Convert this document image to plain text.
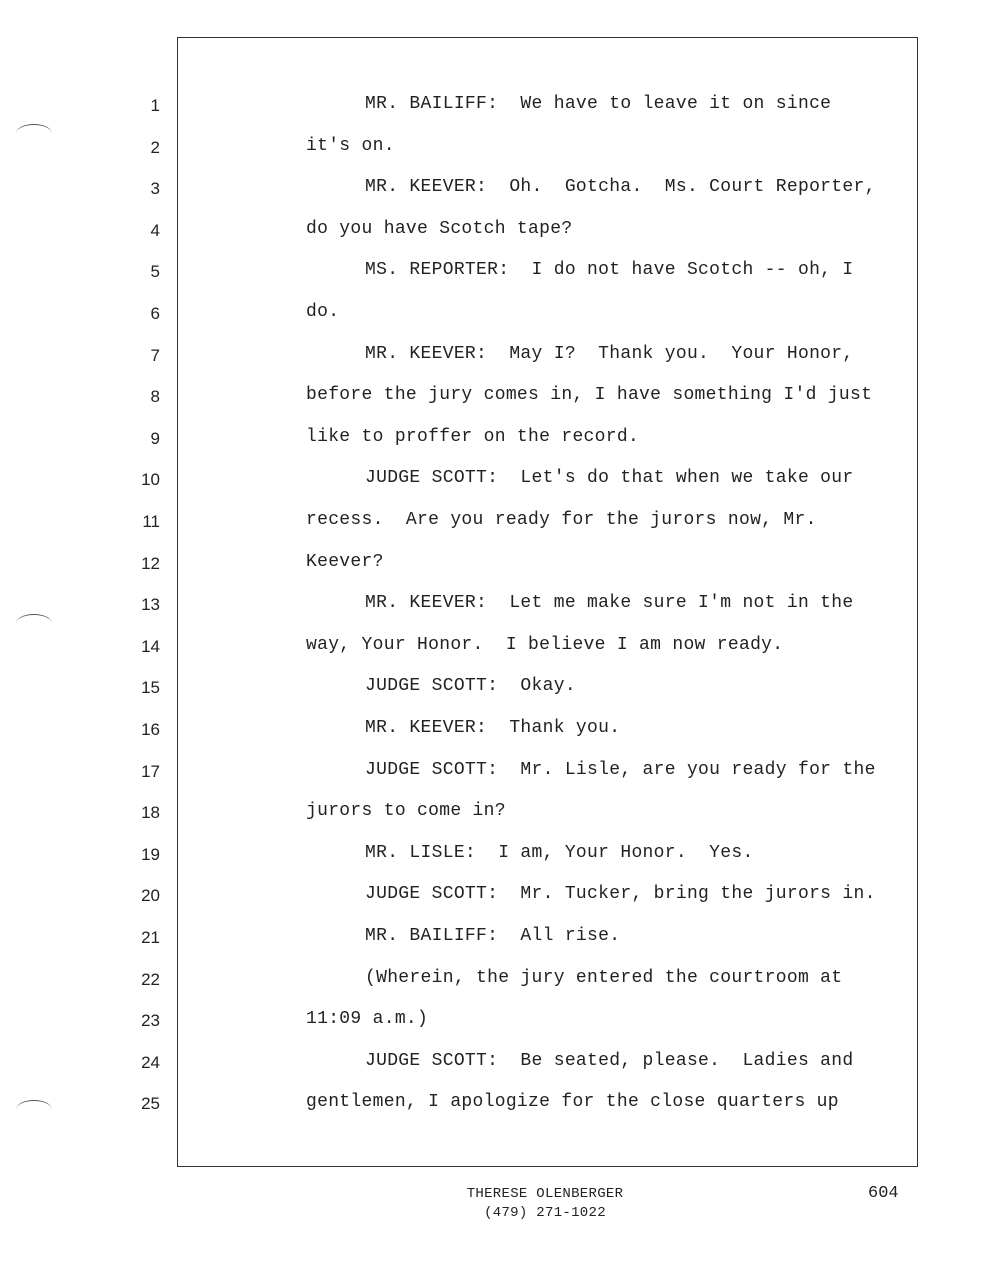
1	MR. BAILIFF:  We have to leave it on since
2	it's on.
3	MR. KEEVER:  Oh.  Gotcha.  Ms. Court Reporter,
4	do you have Scotch tape?
5	MS. REPORTER:  I do not have Scotch -- oh, I
6	do.
7	MR. KEEVER:  May I?  Thank you.  Your Honor,
8	before the jury comes in, I have something I'd just
9	like to proffer on the record.
10	JUDGE SCOTT:  Let's do that when we take our
11	recess.  Are you ready for the jurors now, Mr.
12	Keever?
13	MR. KEEVER:  Let me make sure I'm not in the
14	way, Your Honor.  I believe I am now ready.
15	JUDGE SCOTT:  Okay.
16	MR. KEEVER:  Thank you.
17	JUDGE SCOTT:  Mr. Lisle, are you ready for the
18	jurors to come in?
19	MR. LISLE:  I am, Your Honor.  Yes.
20	JUDGE SCOTT:  Mr. Tucker, bring the jurors in.
21	MR. BAILIFF:  All rise.
22	(Wherein, the jury entered the courtroom at
23	11:09 a.m.)
24	JUDGE SCOTT:  Be seated, please.  Ladies and
25	gentlemen, I apologize for the close quarters up
THERESE OLENBERGER
(479) 271-1022
604
